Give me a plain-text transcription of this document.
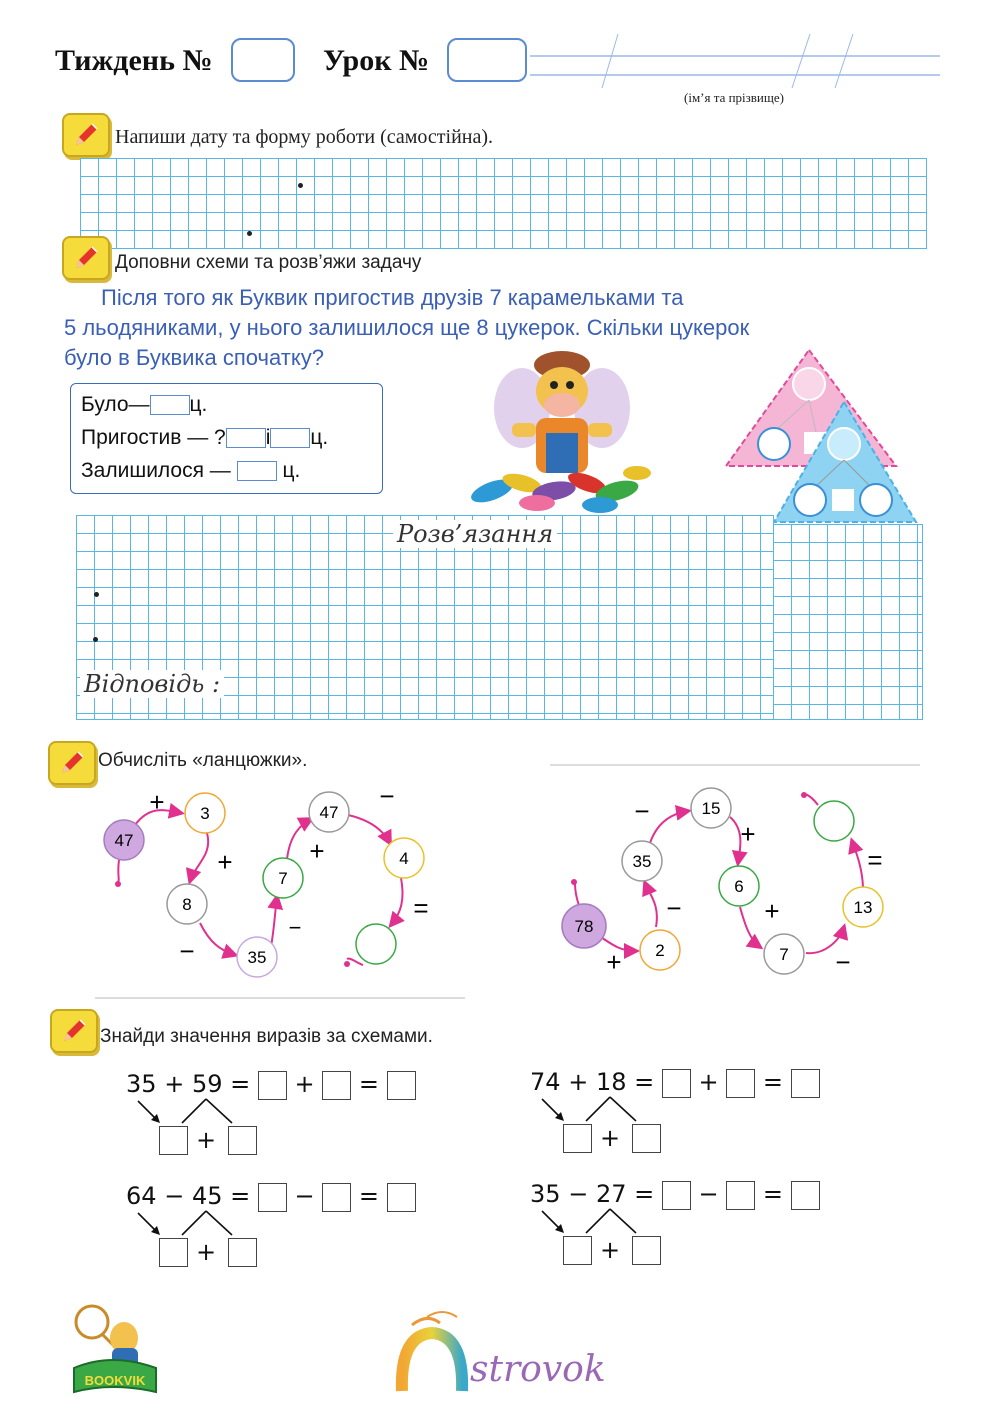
Тиждень №	Урок №
(ім’я та прізвище)
Напиши дату та форму роботи (самостійна).
Доповни схеми та розв’яжи задачу
Після того як Буквик пригостив друзів 7 карамельками та
5 льодяниками, у нього залишилося ще 8 цукерок. Скільки цукерок
було в Буквика спочатку?
Було— ц.
Пригостив — ? і ц.
Залишилося — ц.
Розв’язання
Відповідь :
Обчисліть «ланцюжки».
47
3
8
35
7
47
4
+
+
−
−
+
−
=
78
2
35
15
6
7
13
+
−
−
+
+
−
=
Знайди значення виразів за схемами.
35 + 59 = + =
+
74 + 18 = + =
+
64 − 45 = − =
+
35 − 27 = − =
+
BOOKVIK	strovok
